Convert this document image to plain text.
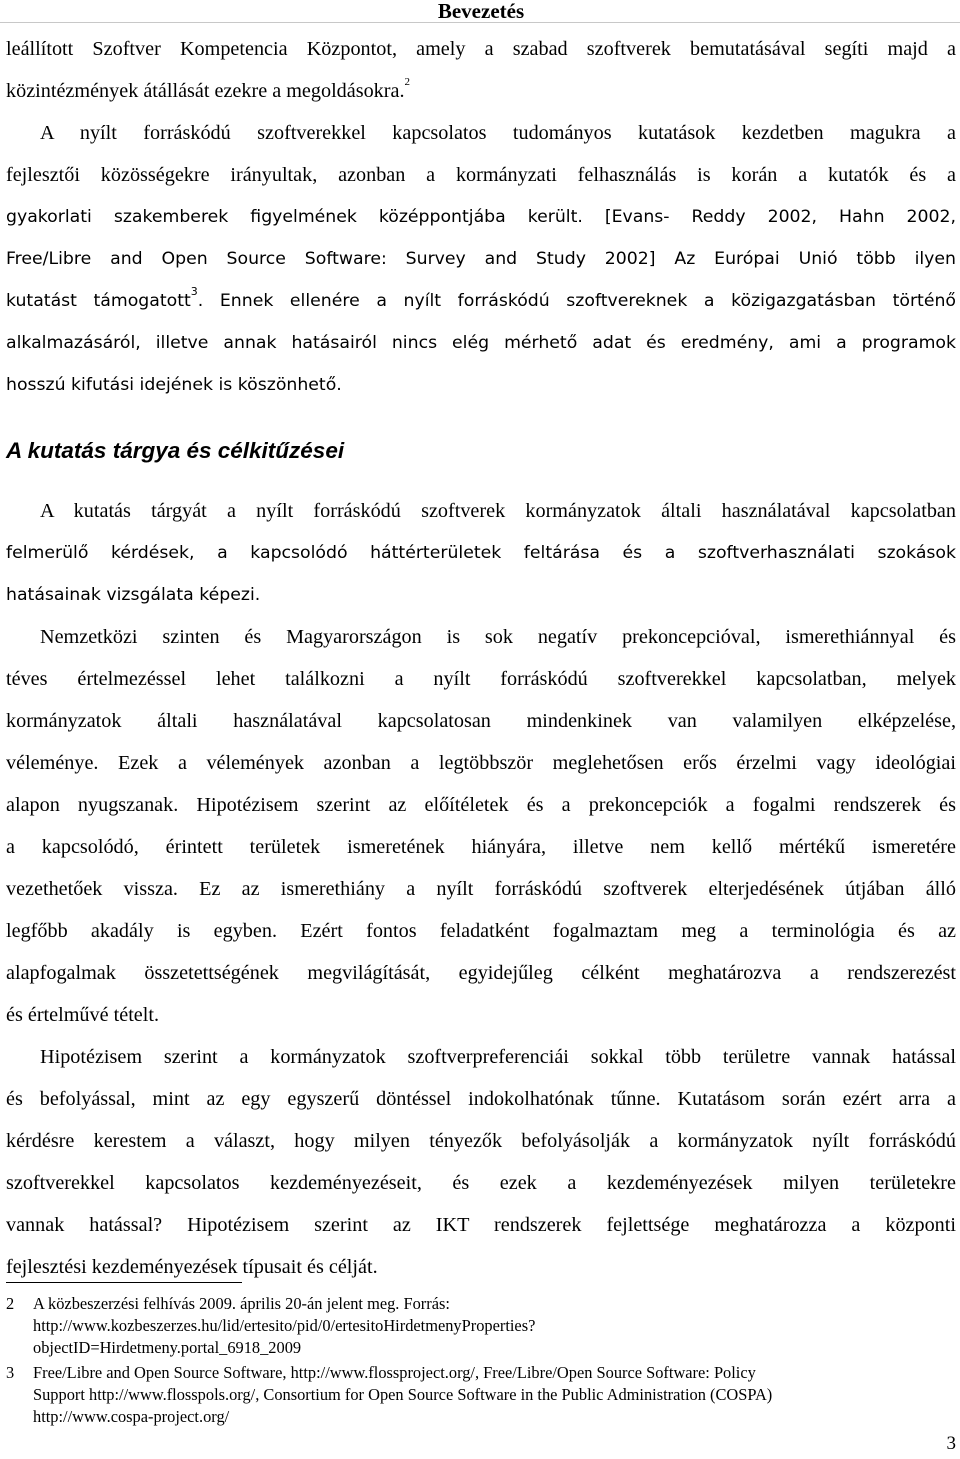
Bevezetés
leállított Szoftver Kompetencia Központot, amely a szabad szoftverek bemutatásával segíti majd a
közintézmények átállását ezekre a megoldásokra.$^2$
A nyílt forráskódú szoftverekkel kapcsolatos tudományos kutatások kezdetben magukra a
fejlesztői közösségekre irányultak, azonban a kormányzati felhasználás is korán a kutatók és a
gyakorlati szakemberek figyelmének középpontjába került. [Evans- Reddy 2002, Hahn 2002,
Free/Libre and Open Source Software: Survey and Study 2002] Az Európai Unió több ilyen
kutatást támogatott$^3$. Ennek ellenére a nyílt forráskódú szoftvereknek a közigazgatásban történő
alkalmazásáról, illetve annak hatásairól nincs elég mérhető adat és eredmény, ami a programok
hosszú kifutási idejének is köszönhető.
A kutatás tárgya és célkitűzései
A kutatás tárgyát a nyílt forráskódú szoftverek kormányzatok általi használatával kapcsolatban
felmerülő kérdések, a kapcsolódó háttérterületek feltárása és a szoftverhasználati szokások
hatásainak vizsgálata képezi.
Nemzetközi szinten és Magyarországon is sok negatív prekoncepcióval, ismerethiánnyal és
téves értelmezéssel lehet találkozni a nyílt forráskódú szoftverekkel kapcsolatban, melyek
kormányzatok általi használatával kapcsolatosan mindenkinek van valamilyen elképzelése,
véleménye. Ezek a vélemények azonban a legtöbbször meglehetősen erős érzelmi vagy ideológiai
alapon nyugszanak. Hipotézisem szerint az előítéletek és a prekoncepciók a fogalmi rendszerek és
a kapcsolódó, érintett területek ismeretének hiányára, illetve nem kellő mértékű ismeretére
vezethetőek vissza. Ez az ismerethiány a nyílt forráskódú szoftverek elterjedésének útjában álló
legfőbb akadály is egyben. Ezért fontos feladatként fogalmaztam meg a terminológia és az
alapfogalmak összetettségének megvilágítását, egyidejűleg célként meghatározva a rendszerezést
és értelművé tételt.
Hipotézisem szerint a kormányzatok szoftverpreferenciái sokkal több területre vannak hatással
és befolyással, mint az egy egyszerű döntéssel indokolhatónak tűnne. Kutatásom során ezért arra a
kérdésre kerestem a választ, hogy milyen tényezők befolyásolják a kormányzatok nyílt forráskódú
szoftverekkel kapcsolatos kezdeményezéseit, és ezek a kezdeményezések milyen területekre
vannak hatással? Hipotézisem szerint az IKT rendszerek fejlettsége meghatározza a központi
fejlesztési kezdeményezések típusait és célját.
2	A közbeszerzési felhívás 2009. április 20-án jelent meg. Forrás:
http://www.kozbeszerzes.hu/lid/ertesito/pid/0/ertesitoHirdetmenyProperties?
objectID=Hirdetmeny.portal_6918_2009
3	Free/Libre and Open Source Software, http://www.flossproject.org/, Free/Libre/Open Source Software: Policy
Support http://www.flosspols.org/, Consortium for Open Source Software in the Public Administration (COSPA)
http://www.cospa-project.org/
3
